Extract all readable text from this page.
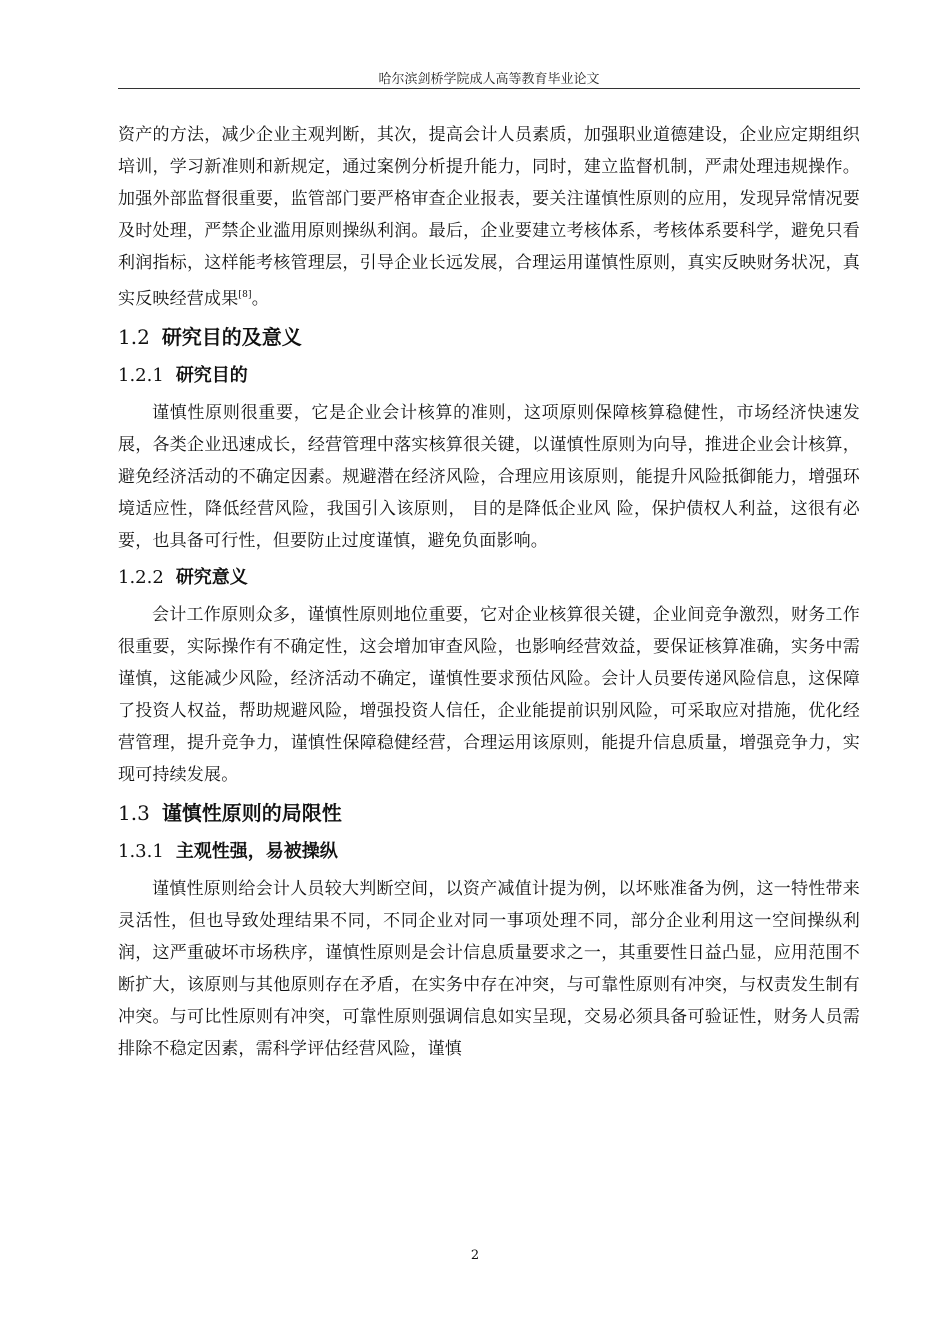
哈尔滨剑桥学院成人高等教育毕业论文

资产的方法，减少企业主观判断，其次，提高会计人员素质，加强职业道德建设，企业应定期组织培训，学习新准则和新规定，通过案例分析提升能力，同时，建立监督机制，严肃处理违规操作。加强外部监督很重要，监管部门要严格审查企业报表，要关注谨慎性原则的应用，发现异常情况要及时处理，严禁企业滥用原则操纵利润。最后，企业要建立考核体系，考核体系要科学，避免只看利润指标，这样能考核管理层，引导企业长远发展，合理运用谨慎性原则，真实反映财务状况，真实反映经营成果[8]。

1.2 研究目的及意义
1.2.1 研究目的

谨慎性原则很重要，它是企业会计核算的准则，这项原则保障核算稳健性，市场经济快速发展，各类企业迅速成长，经营管理中落实核算很关键，以谨慎性原则为向导，推进企业会计核算，避免经济活动的不确定因素。规避潜在经济风险，合理应用该原则，能提升风险抵御能力，增强环境适应性，降低经营风险，我国引入该原则， 目的是降低企业风 险，保护债权人利益，这很有必要，也具备可行性，但要防止过度谨慎，避免负面影响。

1.2.2 研究意义

会计工作原则众多，谨慎性原则地位重要，它对企业核算很关键，企业间竞争激烈，财务工作很重要，实际操作有不确定性，这会增加审查风险，也影响经营效益，要保证核算准确，实务中需谨慎，这能减少风险，经济活动不确定，谨慎性要求预估风险。会计人员要传递风险信息，这保障了投资人权益，帮助规避风险，增强投资人信任，企业能提前识别风险，可采取应对措施，优化经营管理，提升竞争力，谨慎性保障稳健经营，合理运用该原则，能提升信息质量，增强竞争力，实现可持续发展。

1.3 谨慎性原则的局限性
1.3.1 主观性强，易被操纵

谨慎性原则给会计人员较大判断空间，以资产减值计提为例，以坏账准备为例，这一特性带来灵活性，但也导致处理结果不同，不同企业对同一事项处理不同，部分企业利用这一空间操纵利润，这严重破坏市场秩序，谨慎性原则是会计信息质量要求之一，其重要性日益凸显，应用范围不断扩大，该原则与其他原则存在矛盾，在实务中存在冲突，与可靠性原则有冲突，与权责发生制有冲突。与可比性原则有冲突，可靠性原则强调信息如实呈现，交易必须具备可验证性，财务人员需排除不稳定因素，需科学评估经营风险，谨慎

2
